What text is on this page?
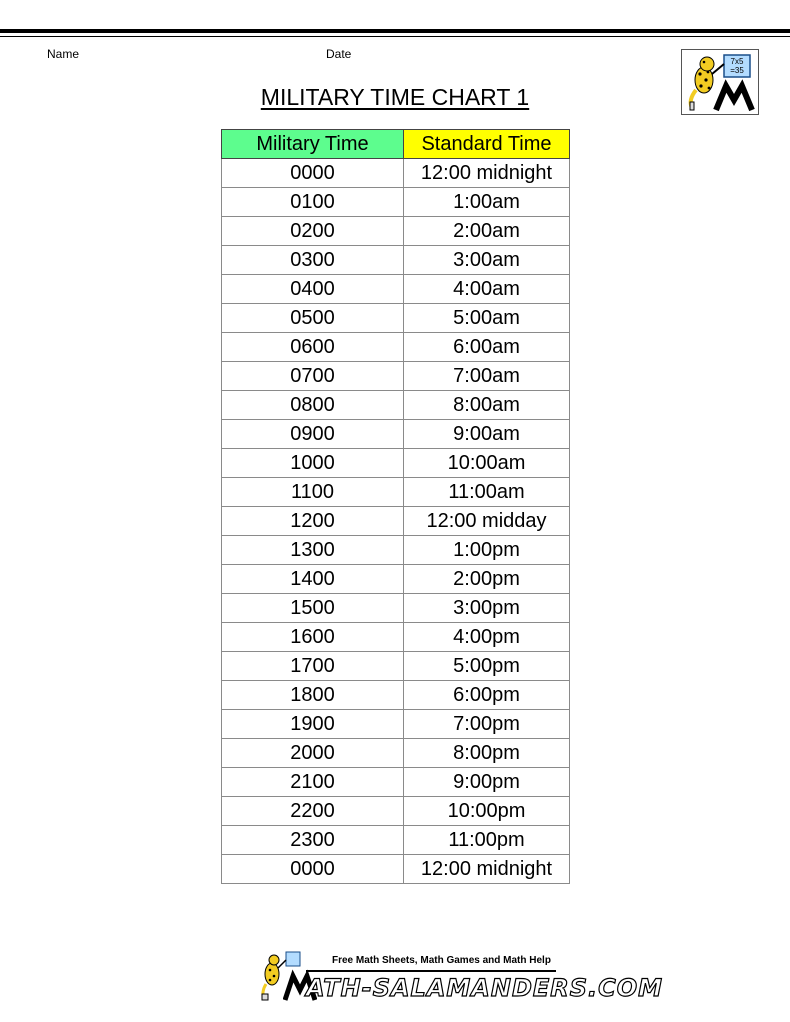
Name	Date
7x5
=35
MILITARY TIME CHART 1
Military Time	Standard Time
0000	12:00 midnight
0100	1:00am
0200	2:00am
0300	3:00am
0400	4:00am
0500	5:00am
0600	6:00am
0700	7:00am
0800	8:00am
0900	9:00am
1000	10:00am
1100	11:00am
1200	12:00 midday
1300	1:00pm
1400	2:00pm
1500	3:00pm
1600	4:00pm
1700	5:00pm
1800	6:00pm
1900	7:00pm
2000	8:00pm
2100	9:00pm
2200	10:00pm
2300	11:00pm
0000	12:00 midnight
Free Math Sheets, Math Games and Math Help
ATH-SALAMANDERS.COM
